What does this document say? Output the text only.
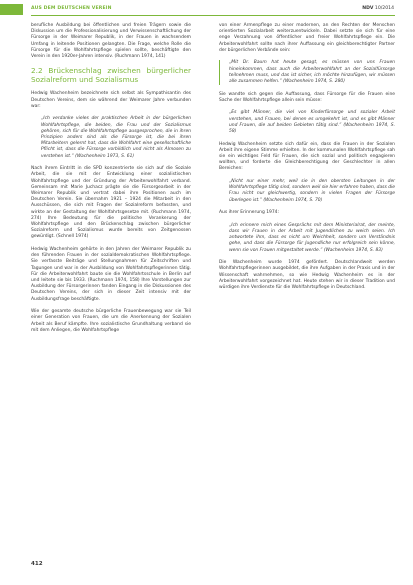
AUS DEM DEUTSCHEN VEREIN	NDV 10/2014

berufliche Ausbildung bei öffentlichen und freien Trägern sowie die Diskussion um die Professionalisierung und Verwissenschaftlichung der Fürsorge in der Weimarer Republik, in der Frauen in wachsendem Umfang in leitende Positionen gelangten. Die Frage, welche Rolle die Fürsorge für die Wohlfahrtspflege spielen sollte, beschäftigte den Verein in den 1920er-Jahren intensiv. (Ruchmann 1974, 141)

2.2 Brückenschlag zwischen bürgerlicher Sozialreform und Sozialismus

Hedwig Wachenheim bezeichnete sich selbst als Sympathisantin des Deutschen Vereins, dem sie während der Weimarer Jahre verbunden war:

„Ich verdanke vieles der praktischen Arbeit in der bürgerlichen Wohlfahrtspflege, die beiden, die Frau und der Sozialismus gehören, sich für die Wohlfahrtspflege ausgesprochen, die in ihren Prinzipien anders sind als die Fürsorge ist, die bei ihren Mitarbeitern gelernt hat, dass die Wohlfahrt eine gesellschaftliche Pflicht ist, dass die Fürsorge vorbildlich und nicht als Almosen zu verstehen ist.“ (Wachenheim 1973, S. 61)

Nach ihrem Eintritt in die SPD konzentrierte sie sich auf die Soziale Arbeit, die sie mit der Entwicklung einer sozialistischen Wohlfahrtspflege und der Gründung der Arbeiterwohlfahrt verband. Gemeinsam mit Marie Juchacz prägte sie die Fürsorgearbeit in der Weimarer Republik und vertrat dabei ihre Positionen auch im Deutschen Verein. Sie übernahm 1921 – 1924 die Mitarbeit in den Ausschüssen, die sich mit Fragen der Sozialreform befassten, und wirkte an der Gestaltung der Wohlfahrtsgesetze mit. (Ruchmann 1974, 274) Ihre Bedeutung für die politische Verankerung der Wohlfahrtspflege und den Brückenschlag zwischen bürgerlicher Sozialreform und Sozialismus wurde bereits von Zeitgenossen gewürdigt. (Schnell 1974)

Hedwig Wachenheim gehörte in den Jahren der Weimarer Republik zu den führenden Frauen in der sozialdemokratischen Wohlfahrtspflege. Sie verfasste Beiträge und Stellungnahmen für Zeitschriften und Tagungen und war in der Ausbildung von Wohlfahrtspflegerinnen tätig. Für die Arbeiterwohlfahrt baute sie die Wohlfahrtsschule in Berlin auf und leitete sie bis 1933. (Ruchmann 1974, 158) Ihre Vorstellungen zur Ausbildung der Fürsorgerinnen fanden Eingang in die Diskussionen des Deutschen Vereins, der sich in dieser Zeit intensiv mit der Ausbildungsfrage beschäftigte.

Wie der gesamte deutsche bürgerliche Frauenbewegung war sie Teil einer Generation von Frauen, die um die Anerkennung der Sozialen Arbeit als Beruf kämpfte. Ihre sozialistische Grundhaltung verband sie mit dem Anliegen, die Wohlfahrtspflege

von einer Armenpflege zu einer modernen, an den Rechten der Menschen orientierten Sozialarbeit weiterzuentwickeln. Dabei setzte sie sich für eine enge Verzahnung von öffentlicher und freier Wohlfahrtspflege ein. Die Arbeiterwohlfahrt sollte nach ihrer Auffassung ein gleichberechtigter Partner der bürgerlichen Verbände sein:

„Mit Dr. Baum hat heute gesagt, es müssen von uns Frauen hineinkommen, dass auch die Arbeiterwohlfahrt an der Sozialfürsorge teilnehmen muss, und das ist sicher, ich möchte hinzufügen, wir müssen alle zusammen helfen.“ (Wachenheim 1974, S. 280)

Sie wandte sich gegen die Auffassung, dass Fürsorge für die Frauen eine Sache der Wohlfahrtspflege allein sein müsse:

„Es gibt Männer, die viel von Kinderfürsorge und sozialer Arbeit verstehen, und Frauen, bei denen es umgekehrt ist, und es gibt Männer und Frauen, die auf beiden Gebieten tätig sind.“ (Wachenheim 1974, S. 58)

Hedwig Wachenheim setzte sich dafür ein, dass die Frauen in der Sozialen Arbeit ihre eigene Stimme erhielten. In der kommunalen Wohlfahrtspflege sah sie ein wichtiges Feld für Frauen, die sich sozial und politisch engagieren wollten, und forderte die Gleichberechtigung der Geschlechter in allen Bereichen:

„Nicht nur einer mehr, weil sie in den obersten Leitungen in der Wohlfahrtspflege tätig sind, sondern weil sie hier erfahren haben, dass die Frau nicht nur gleichwertig, sondern in vielen Fragen der Fürsorge überlegen ist.“ (Wachenheim 1974, S. 70)

Aus ihrer Erinnerung 1974:

„Ich erinnere mich eines Gesprächs mit dem Ministerialrat, der meinte, dass wir Frauen in der Arbeit mit Jugendlichen zu weich seien. Ich antwortete ihm, dass es nicht um Weichheit, sondern um Verständnis gehe, und dass die Fürsorge für Jugendliche nur erfolgreich sein könne, wenn sie von Frauen mitgestaltet werde.“ (Wachenheim 1974, S. 83)

Die Wachenheim wurde 1974 gefördert. Deutschlandweit werden Wohlfahrtspflegerinnen ausgebildet, die ihre Aufgaben in der Praxis und in der Wissenschaft wahrnehmen, so wie Hedwig Wachenheim es in der Arbeiterwohlfahrt vorgezeichnet hat. Heute stehen wir in dieser Tradition und würdigen ihre Verdienste für die Wohlfahrtspflege in Deutschland.

412
